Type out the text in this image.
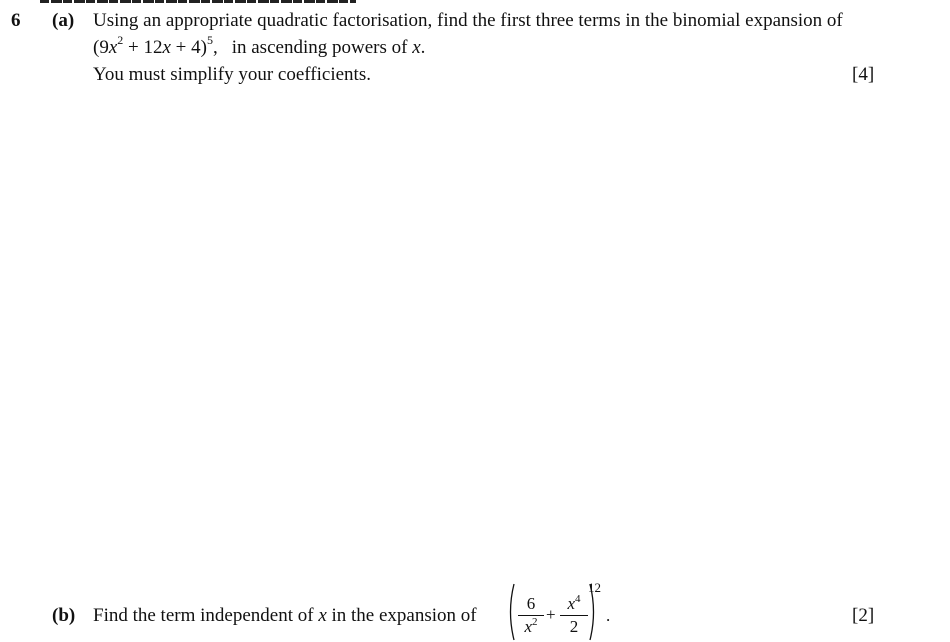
6 (a) Using an appropriate quadratic factorisation, find the first three terms in the binomial expansion of
$(9x^2 + 12x + 4)^5$, in ascending powers of x.
You must simplify your coefficients.	[4]
(b) Find the term independent of x in the expansion of
6
$x^2$ +
$x^4$
2
12
.	[2]
